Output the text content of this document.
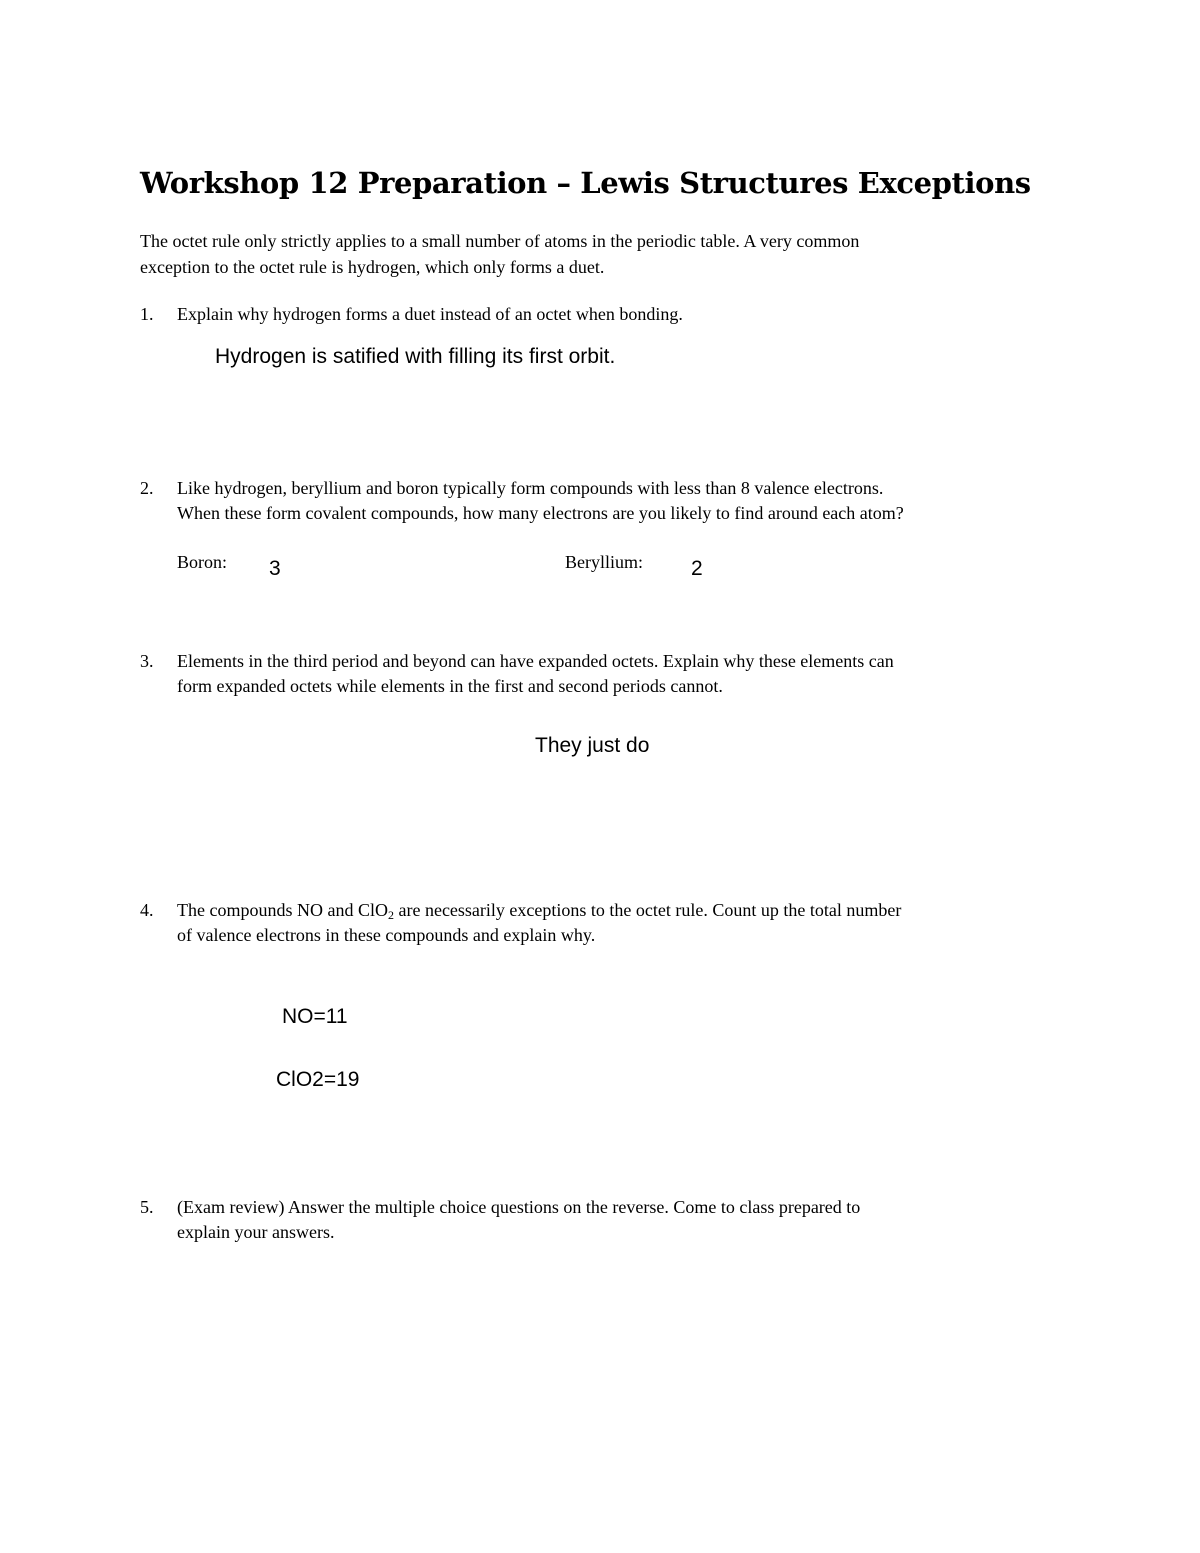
Workshop 12 Preparation – Lewis Structures Exceptions
The octet rule only strictly applies to a small number of atoms in the periodic table. A very common
exception to the octet rule is hydrogen, which only forms a duet.
1.	Explain why hydrogen forms a duet instead of an octet when bonding.
Hydrogen is satified with filling its first orbit.
2.	Like hydrogen, beryllium and boron typically form compounds with less than 8 valence electrons.
When these form covalent compounds, how many electrons are you likely to find around each atom?
Boron: 3	Beryllium: 2
3.	Elements in the third period and beyond can have expanded octets. Explain why these elements can
form expanded octets while elements in the first and second periods cannot.
They just do
4.	The compounds NO and ClO$_2$ are necessarily exceptions to the octet rule. Count up the total number
of valence electrons in these compounds and explain why.
NO=11
ClO2=19
5.	(Exam review) Answer the multiple choice questions on the reverse. Come to class prepared to
explain your answers.
